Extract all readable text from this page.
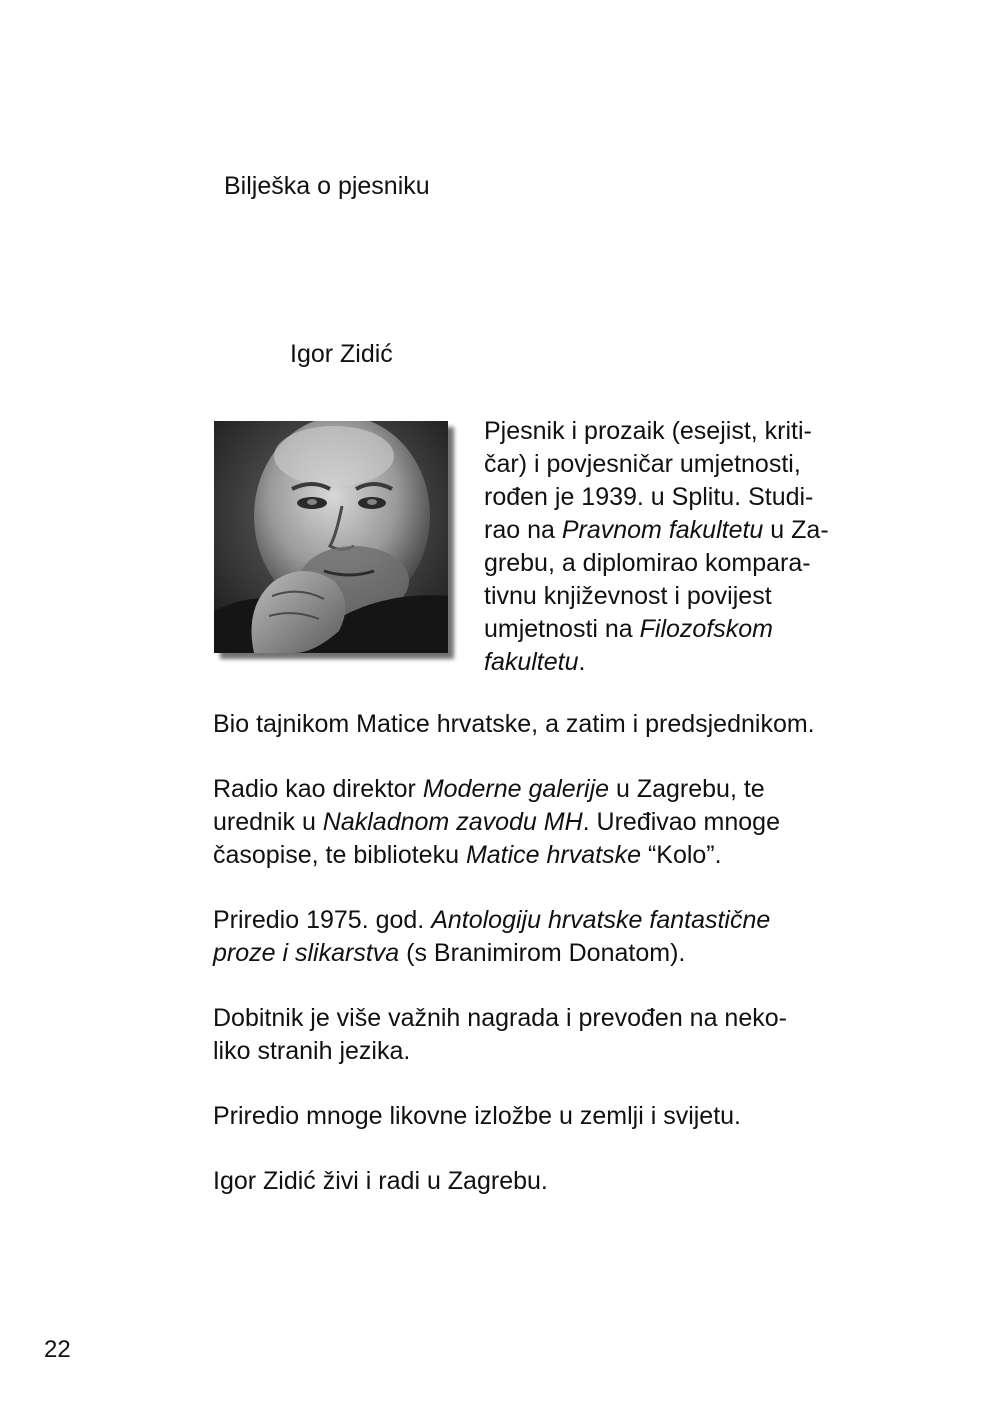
Bilješka o pjesniku
Igor Zidić

Pjesnik i prozaik (esejist, kriti-
čar) i povjesničar umjetnosti,
rođen je 1939. u Splitu. Studi-
rao na Pravnom fakultetu u Za-
grebu, a diplomirao kompara-
tivnu književnost i povijest
umjetnosti na Filozofskom
fakultetu.

Bio tajnikom Matice hrvatske, a zatim i predsjednikom.

Radio kao direktor Moderne galerije u Zagrebu, te
urednik u Nakladnom zavodu MH. Uređivao mnoge
časopise, te biblioteku Matice hrvatske “Kolo”.

Priredio 1975. god. Antologiju hrvatske fantastične
proze i slikarstva (s Branimirom Donatom).

Dobitnik je više važnih nagrada i prevođen na neko-
liko stranih jezika.

Priredio mnoge likovne izložbe u zemlji i svijetu.

Igor Zidić živi i radi u Zagrebu.

22
